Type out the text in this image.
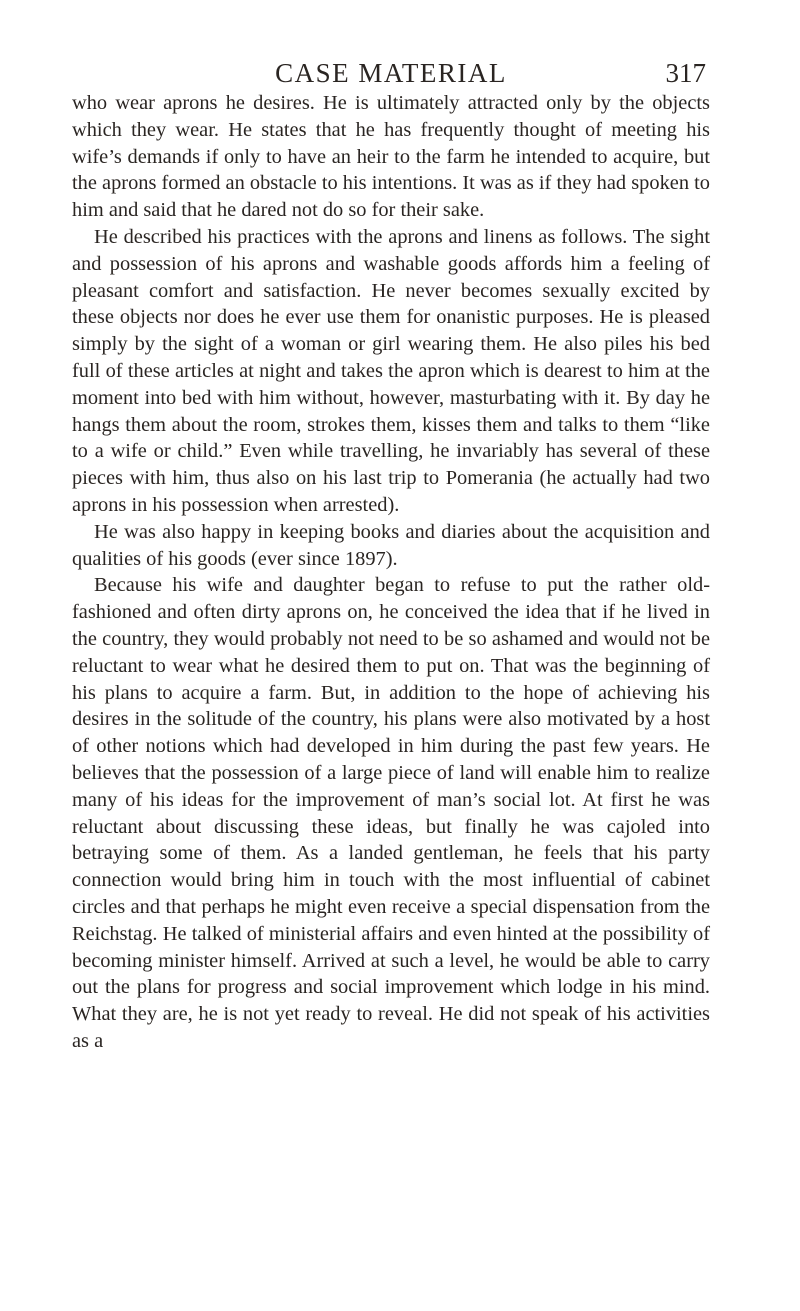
CASE MATERIAL	317

who wear aprons he desires. He is ultimately attracted only by the objects which they wear. He states that he has frequently thought of meeting his wife’s demands if only to have an heir to the farm he intended to acquire, but the aprons formed an obstacle to his intentions. It was as if they had spoken to him and said that he dared not do so for their sake.

He described his practices with the aprons and linens as follows. The sight and possession of his aprons and washable goods affords him a feeling of pleasant comfort and satisfaction. He never becomes sexually excited by these objects nor does he ever use them for onanistic purposes. He is pleased simply by the sight of a woman or girl wearing them. He also piles his bed full of these articles at night and takes the apron which is dearest to him at the moment into bed with him without, however, masturbating with it. By day he hangs them about the room, strokes them, kisses them and talks to them “like to a wife or child.” Even while travelling, he invariably has several of these pieces with him, thus also on his last trip to Pomerania (he actually had two aprons in his possession when arrested).

He was also happy in keeping books and diaries about the acquisition and qualities of his goods (ever since 1897).

Because his wife and daughter began to refuse to put the rather old-fashioned and often dirty aprons on, he conceived the idea that if he lived in the country, they would probably not need to be so ashamed and would not be reluctant to wear what he desired them to put on. That was the beginning of his plans to acquire a farm. But, in addition to the hope of achieving his desires in the solitude of the country, his plans were also motivated by a host of other notions which had developed in him during the past few years. He believes that the possession of a large piece of land will enable him to realize many of his ideas for the improvement of man’s social lot. At first he was reluctant about discussing these ideas, but finally he was cajoled into betraying some of them. As a landed gentleman, he feels that his party connection would bring him in touch with the most influential of cabinet circles and that perhaps he might even receive a special dispensation from the Reichstag. He talked of ministerial affairs and even hinted at the possibility of becoming minister himself. Arrived at such a level, he would be able to carry out the plans for progress and social improvement which lodge in his mind. What they are, he is not yet ready to reveal. He did not speak of his activities as a
